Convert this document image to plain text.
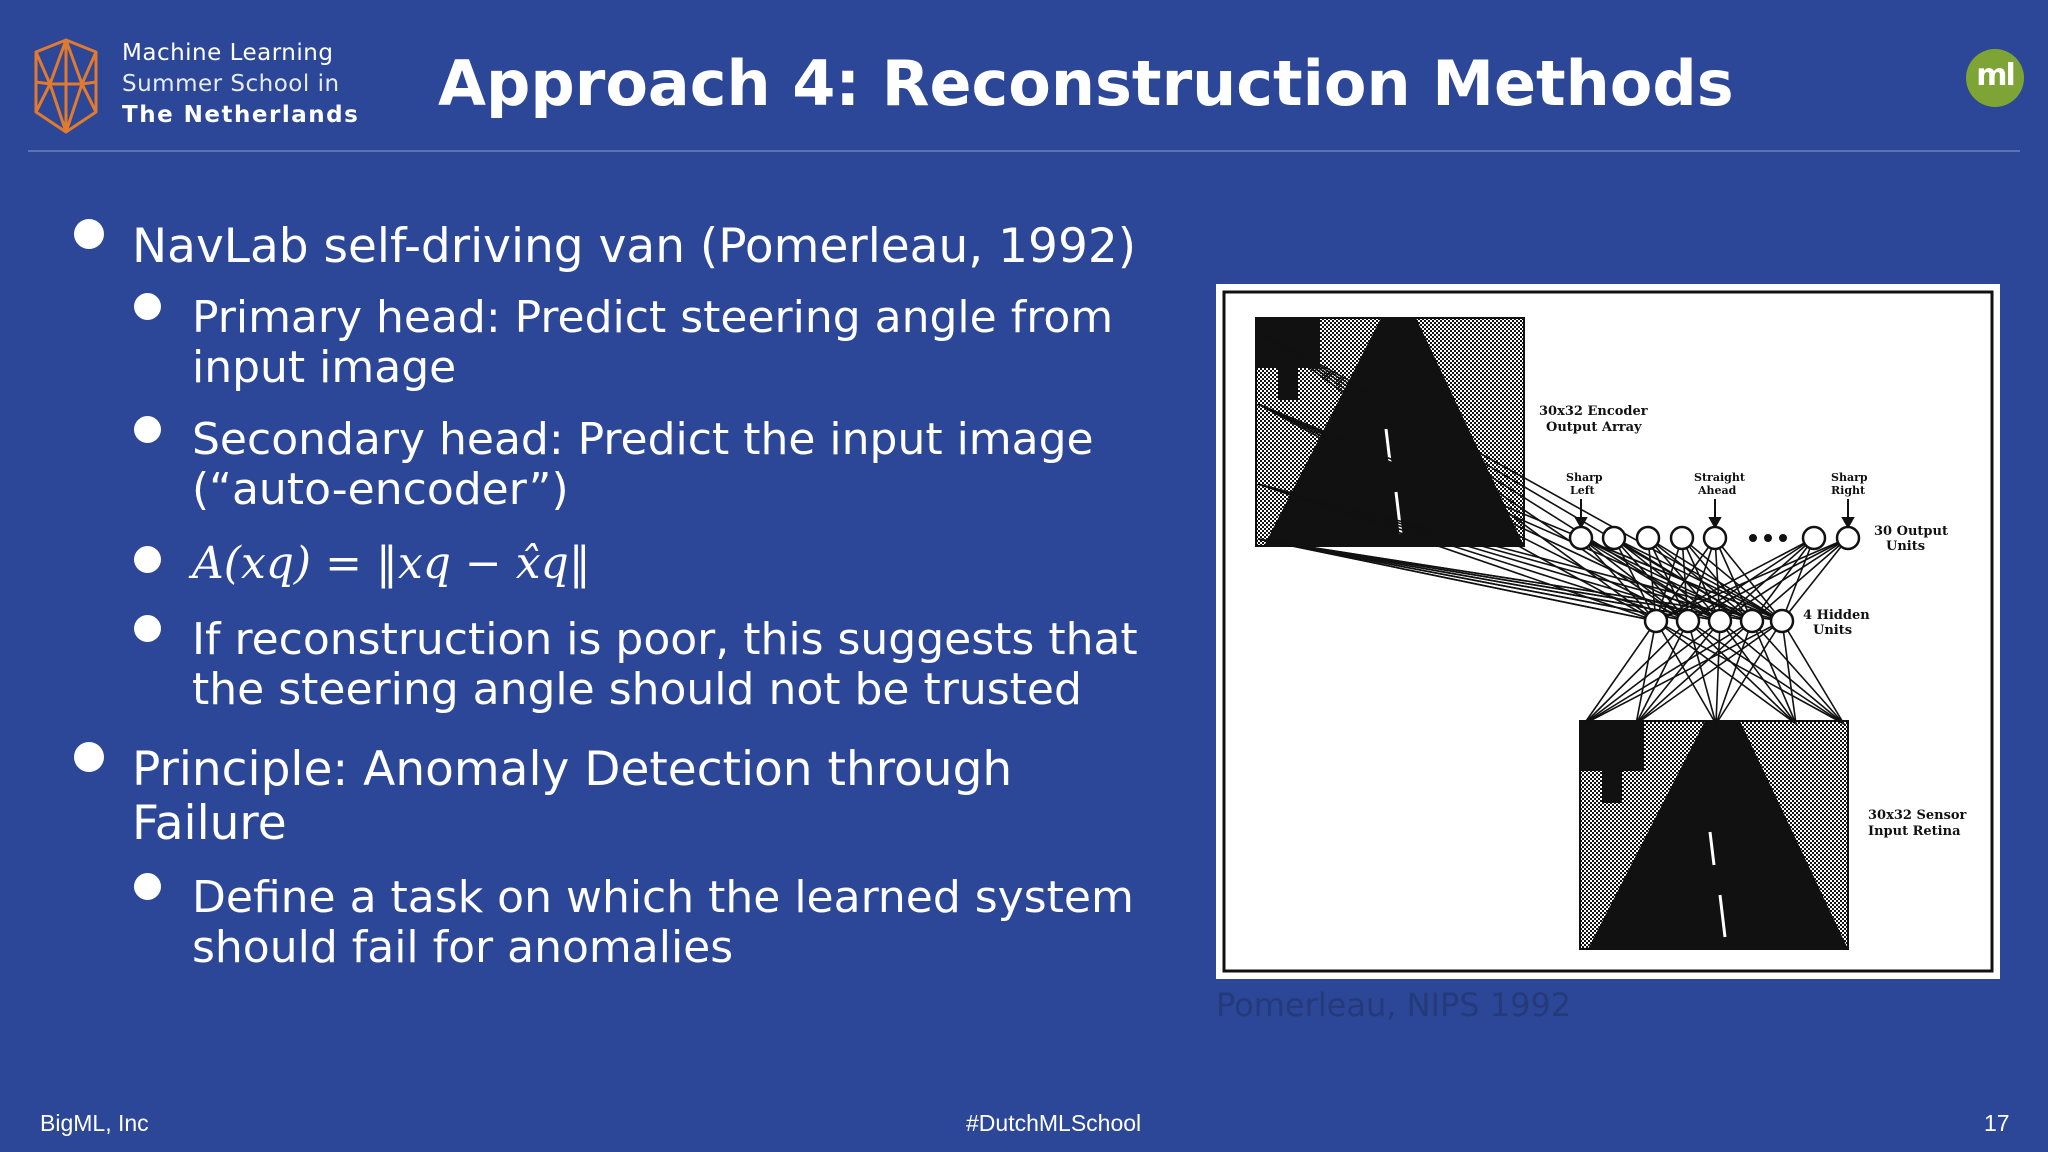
Machine Learning
Summer School in
The Netherlands Approach 4: Reconstruction Methods	ml
NavLab self-driving van (Pomerleau, 1992)
Primary head: Predict steering angle from
input image
Secondary head: Predict the input image
(“auto-encoder”)
A(xq) = ‖xq − x̂q‖
If reconstruction is poor, this suggests that
the steering angle should not be trusted
Principle: Anomaly Detection through
Failure
Define a task on which the learned system
should fail for anomalies
30x32 Encoder
Output Array
Sharp
Left
Straight
Ahead
Sharp
Right
30 Output
Units
4 Hidden
Units
30x32 Sensor
Input Retina
Pomerleau, NIPS 1992
BigML, Inc	#DutchMLSchool	17
